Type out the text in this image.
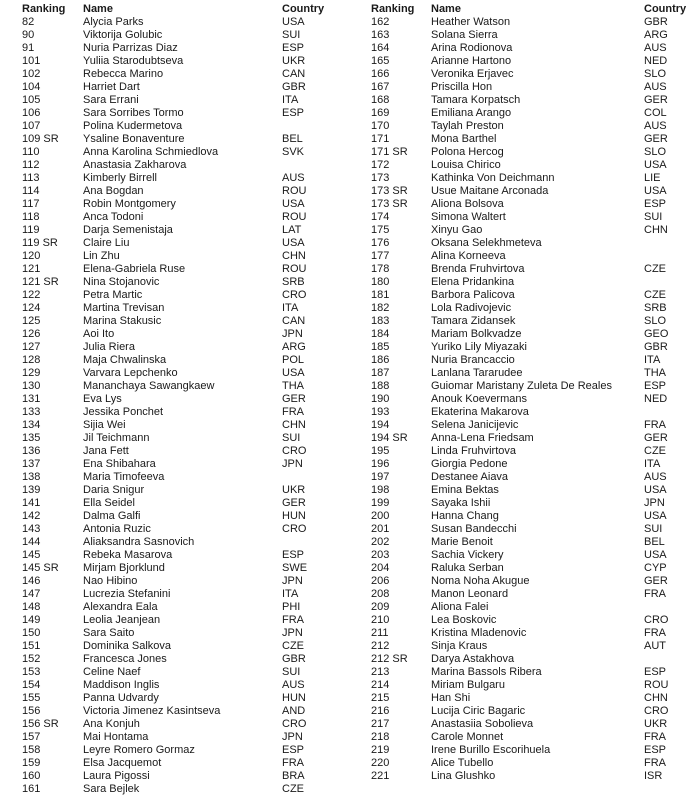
Ranking	Name	Country
82	Alycia Parks	USA
90	Viktorija Golubic	SUI
91	Nuria Parrizas Diaz	ESP
101	Yuliia Starodubtseva	UKR
102	Rebecca Marino	CAN
104	Harriet Dart	GBR
105	Sara Errani	ITA
106	Sara Sorribes Tormo	ESP
107	Polina Kudermetova
109 SR	Ysaline Bonaventure	BEL
110	Anna Karolina Schmiedlova	SVK
112	Anastasia Zakharova
113	Kimberly Birrell	AUS
114	Ana Bogdan	ROU
117	Robin Montgomery	USA
118	Anca Todoni	ROU
119	Darja Semenistaja	LAT
119 SR	Claire Liu	USA
120	Lin Zhu	CHN
121	Elena-Gabriela Ruse	ROU
121 SR	Nina Stojanovic	SRB
122	Petra Martic	CRO
124	Martina Trevisan	ITA
125	Marina Stakusic	CAN
126	Aoi Ito	JPN
127	Julia Riera	ARG
128	Maja Chwalinska	POL
129	Varvara Lepchenko	USA
130	Mananchaya Sawangkaew	THA
131	Eva Lys	GER
133	Jessika Ponchet	FRA
134	Sijia Wei	CHN
135	Jil Teichmann	SUI
136	Jana Fett	CRO
137	Ena Shibahara	JPN
138	Maria Timofeeva
139	Daria Snigur	UKR
141	Ella Seidel	GER
142	Dalma Galfi	HUN
143	Antonia Ruzic	CRO
144	Aliaksandra Sasnovich
145	Rebeka Masarova	ESP
145 SR	Mirjam Bjorklund	SWE
146	Nao Hibino	JPN
147	Lucrezia Stefanini	ITA
148	Alexandra Eala	PHI
149	Leolia Jeanjean	FRA
150	Sara Saito	JPN
151	Dominika Salkova	CZE
152	Francesca Jones	GBR
153	Celine Naef	SUI
154	Maddison Inglis	AUS
155	Panna Udvardy	HUN
156	Victoria Jimenez Kasintseva	AND
156 SR	Ana Konjuh	CRO
157	Mai Hontama	JPN
158	Leyre Romero Gormaz	ESP
159	Elsa Jacquemot	FRA
160	Laura Pigossi	BRA
161	Sara Bejlek	CZE
Ranking	Name	Country
162	Heather Watson	GBR
163	Solana Sierra	ARG
164	Arina Rodionova	AUS
165	Arianne Hartono	NED
166	Veronika Erjavec	SLO
167	Priscilla Hon	AUS
168	Tamara Korpatsch	GER
169	Emiliana Arango	COL
170	Taylah Preston	AUS
171	Mona Barthel	GER
171 SR	Polona Hercog	SLO
172	Louisa Chirico	USA
173	Kathinka Von Deichmann	LIE
173 SR	Usue Maitane Arconada	USA
173 SR	Aliona Bolsova	ESP
174	Simona Waltert	SUI
175	Xinyu Gao	CHN
176	Oksana Selekhmeteva
177	Alina Korneeva
178	Brenda Fruhvirtova	CZE
180	Elena Pridankina
181	Barbora Palicova	CZE
182	Lola Radivojevic	SRB
183	Tamara Zidansek	SLO
184	Mariam Bolkvadze	GEO
185	Yuriko Lily Miyazaki	GBR
186	Nuria Brancaccio	ITA
187	Lanlana Tararudee	THA
188	Guiomar Maristany Zuleta De Reales	ESP
190	Anouk Koevermans	NED
193	Ekaterina Makarova
194	Selena Janicijevic	FRA
194 SR	Anna-Lena Friedsam	GER
195	Linda Fruhvirtova	CZE
196	Giorgia Pedone	ITA
197	Destanee Aiava	AUS
198	Emina Bektas	USA
199	Sayaka Ishii	JPN
200	Hanna Chang	USA
201	Susan Bandecchi	SUI
202	Marie Benoit	BEL
203	Sachia Vickery	USA
204	Raluka Serban	CYP
206	Noma Noha Akugue	GER
208	Manon Leonard	FRA
209	Aliona Falei
210	Lea Boskovic	CRO
211	Kristina Mladenovic	FRA
212	Sinja Kraus	AUT
212 SR	Darya Astakhova
213	Marina Bassols Ribera	ESP
214	Miriam Bulgaru	ROU
215	Han Shi	CHN
216	Lucija Ciric Bagaric	CRO
217	Anastasiia Sobolieva	UKR
218	Carole Monnet	FRA
219	Irene Burillo Escorihuela	ESP
220	Alice Tubello	FRA
221	Lina Glushko	ISR
